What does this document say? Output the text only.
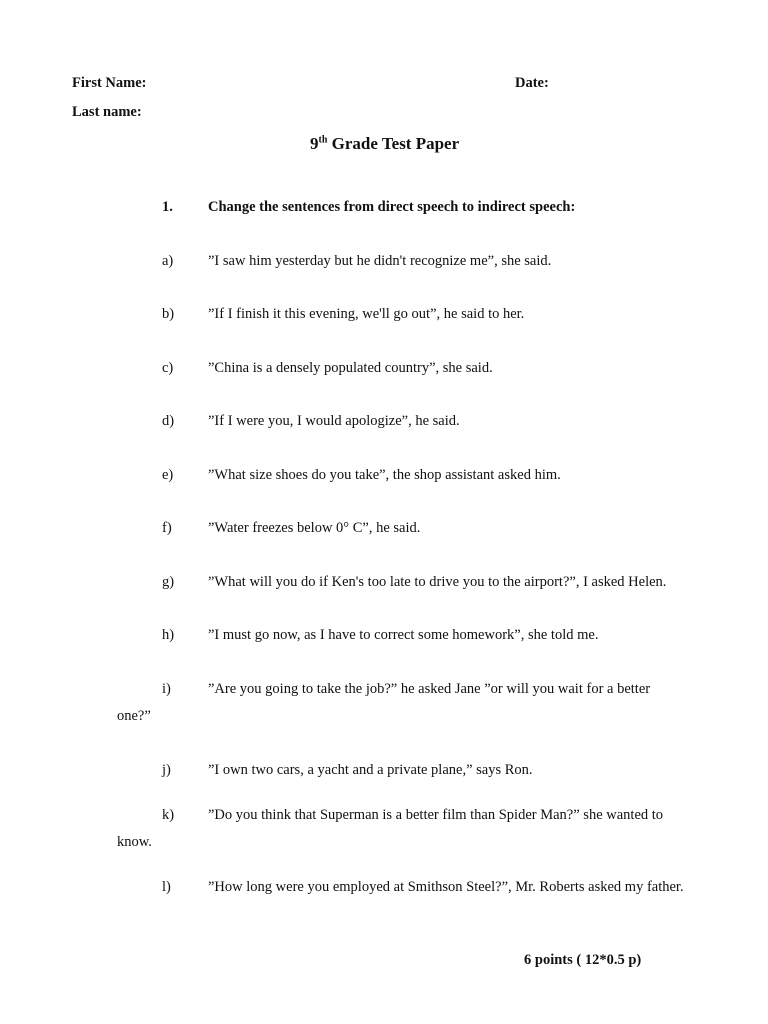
First Name:	Date:
Last name:
9th Grade Test Paper
1.	Change the sentences from direct speech to indirect speech:
a)	”I saw him yesterday but he didn't recognize me”, she said.
b)	”If I finish it this evening, we'll go out”, he said to her.
c)	”China is a densely populated country”, she said.
d)	”If I were you, I would apologize”, he said.
e)	”What size shoes do you take”, the shop assistant asked him.
f)	”Water freezes below 0° C”, he said.
g)	”What will you do if Ken's too late to drive you to the airport?”, I asked Helen.
h)	”I must go now, as I have to correct some homework”, she told me.
i)	”Are you going to take the job?” he asked Jane ”or will you wait for a better
one?”
j)	”I own two cars, a yacht and a private plane,” says Ron.
k)	”Do you think that Superman is a better film than Spider Man?” she wanted to
know.
l)	”How long were you employed at Smithson Steel?”, Mr. Roberts asked my father.
6 points ( 12*0.5 p)
